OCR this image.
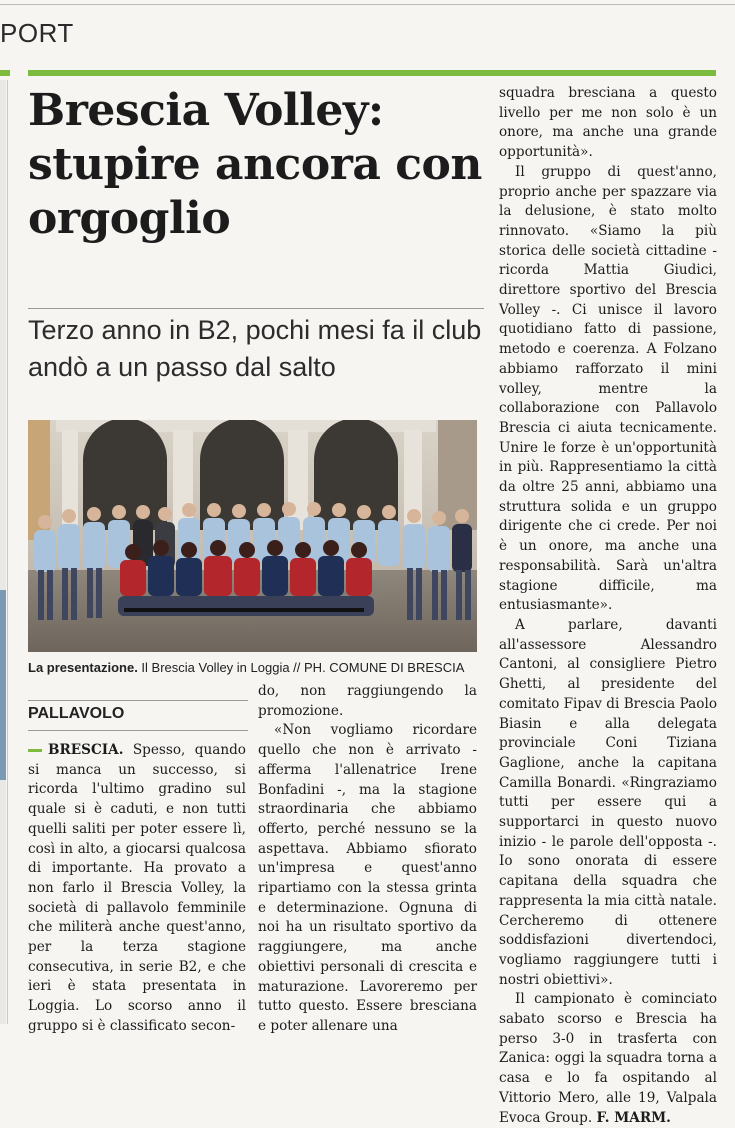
PORT
Brescia Volley: stupire ancora con orgoglio
Terzo anno in B2, pochi mesi fa il club andò a un passo dal salto
La presentazione. Il Brescia Volley in Loggia // PH. COMUNE DI BRESCIA
PALLAVOLO

BRESCIA. Spesso, quando si manca un successo, si ricorda l'ultimo gradino sul quale si è caduti, e non tutti quelli saliti per poter essere lì, così in alto, a giocarsi qualcosa di importante. Ha provato a non farlo il Brescia Volley, la società di pallavolo femminile che militerà anche quest'anno, per la terza stagione consecutiva, in serie B2, e che ieri è stata presentata in Loggia. Lo scorso anno il gruppo si è classificato secon-

do, non raggiungendo la promozione.

«Non vogliamo ricordare quello che non è arrivato - afferma l'allenatrice Irene Bonfadini -, ma la stagione straordinaria che abbiamo offerto, perché nessuno se la aspettava. Abbiamo sfiorato un'impresa e quest'anno ripartiamo con la stessa grinta e determinazione. Ognuna di noi ha un risultato sportivo da raggiungere, ma anche obiettivi personali di crescita e maturazione. Lavoreremo per tutto questo. Essere bresciana e poter allenare una

squadra bresciana a questo livello per me non solo è un onore, ma anche una grande opportunità».

Il gruppo di quest'anno, proprio anche per spazzare via la delusione, è stato molto rinnovato. «Siamo la più storica delle società cittadine - ricorda Mattia Giudici, direttore sportivo del Brescia Volley -. Ci unisce il lavoro quotidiano fatto di passione, metodo e coerenza. A Folzano abbiamo rafforzato il mini volley, mentre la collaborazione con Pallavolo Brescia ci aiuta tecnicamente. Unire le forze è un'opportunità in più. Rappresentiamo la città da oltre 25 anni, abbiamo una struttura solida e un gruppo dirigente che ci crede. Per noi è un onore, ma anche una responsabilità. Sarà un'altra stagione difficile, ma entusiasmante».

A parlare, davanti all'assessore Alessandro Cantoni, al consigliere Pietro Ghetti, al presidente del comitato Fipav di Brescia Paolo Biasin e alla delegata provinciale Coni Tiziana Gaglione, anche la capitana Camilla Bonardi. «Ringraziamo tutti per essere qui a supportarci in questo nuovo inizio - le parole dell'opposta -. Io sono onorata di essere capitana della squadra che rappresenta la mia città natale. Cercheremo di ottenere soddisfazioni divertendoci, vogliamo raggiungere tutti i nostri obiettivi».

Il campionato è cominciato sabato scorso e Brescia ha perso 3-0 in trasferta con Zanica: oggi la squadra torna a casa e lo fa ospitando al Vittorio Mero, alle 19, Valpala Evoca Group. F. MARM.
